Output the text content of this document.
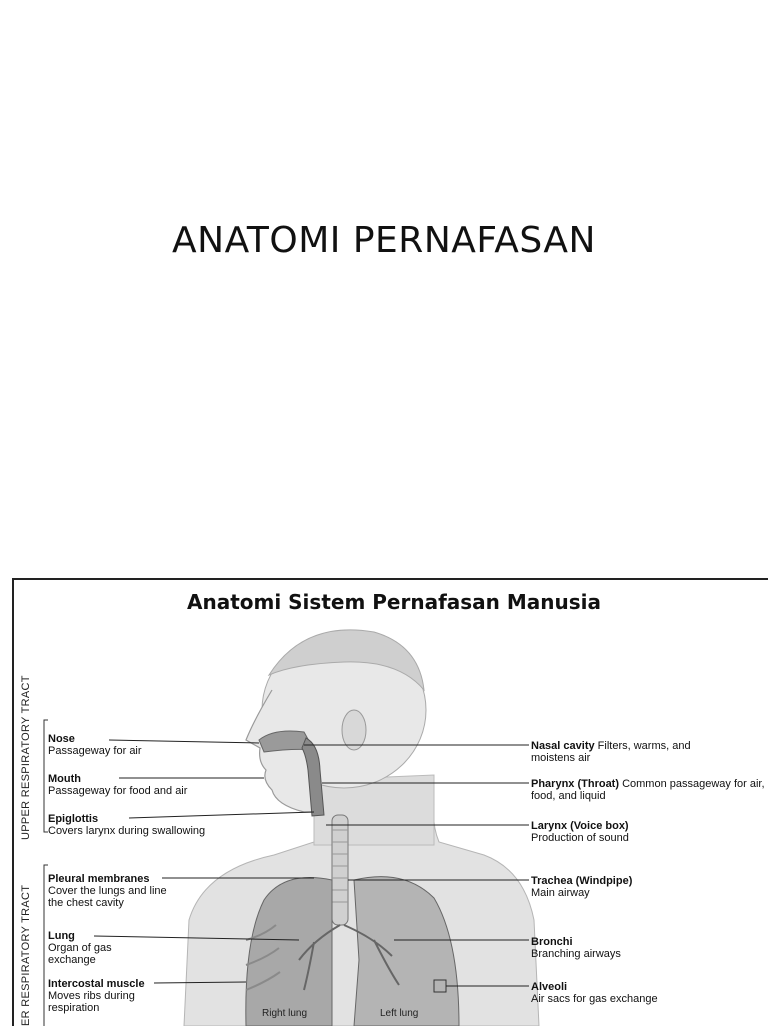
ANATOMI PERNAFASAN
Anatomi Sistem Pernafasan Manusia
UPPER RESPIRATORY TRACT
ER RESPIRATORY TRACT
Nose
Passageway for air
Mouth
Passageway for food and air
Epiglottis
Covers larynx during swallowing
Pleural membranes
Cover the lungs and line the chest cavity
Lung
Organ of gas exchange
Intercostal muscle
Moves ribs during respiration
Nasal cavity Filters, warms, and moistens air
Pharynx (Throat) Common passageway for air, food, and liquid
Larynx (Voice box)
Production of sound
Trachea (Windpipe)
Main airway
Bronchi
Branching airways
Alveoli
Air sacs for gas exchange
Right lung	Left lung
